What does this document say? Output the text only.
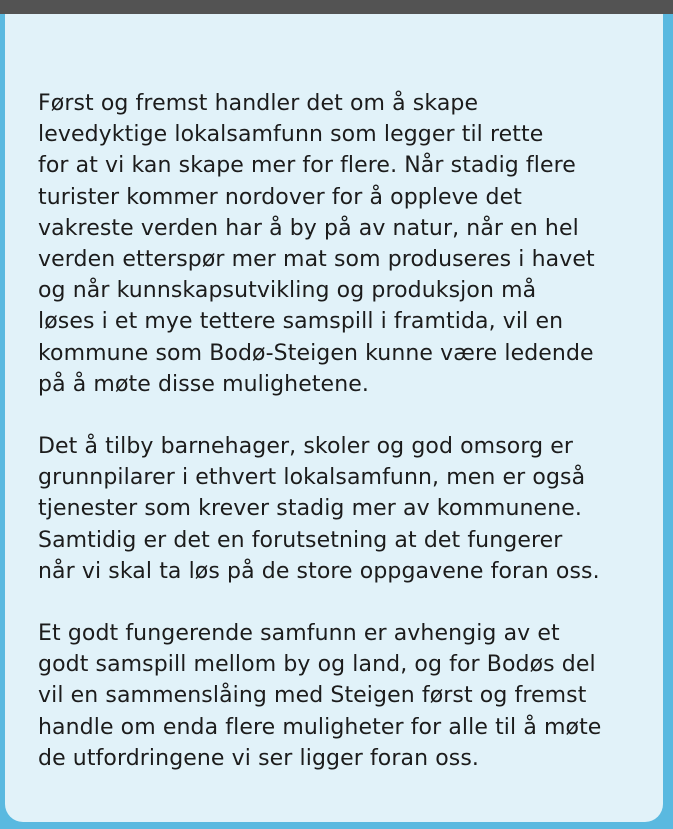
Først og fremst handler det om å skape
levedyktige lokalsamfunn som legger til rette
for at vi kan skape mer for flere. Når stadig flere
turister kommer nordover for å oppleve det
vakreste verden har å by på av natur, når en hel
verden etterspør mer mat som produseres i havet
og når kunnskapsutvikling og produksjon må
løses i et mye tettere samspill i framtida, vil en
kommune som Bodø-Steigen kunne være ledende
på å møte disse mulighetene.

Det å tilby barnehager, skoler og god omsorg er
grunnpilarer i ethvert lokalsamfunn, men er også
tjenester som krever stadig mer av kommunene.
Samtidig er det en forutsetning at det fungerer
når vi skal ta løs på de store oppgavene foran oss.

Et godt fungerende samfunn er avhengig av et
godt samspill mellom by og land, og for Bodøs del
vil en sammenslåing med Steigen først og fremst
handle om enda flere muligheter for alle til å møte
de utfordringene vi ser ligger foran oss.
